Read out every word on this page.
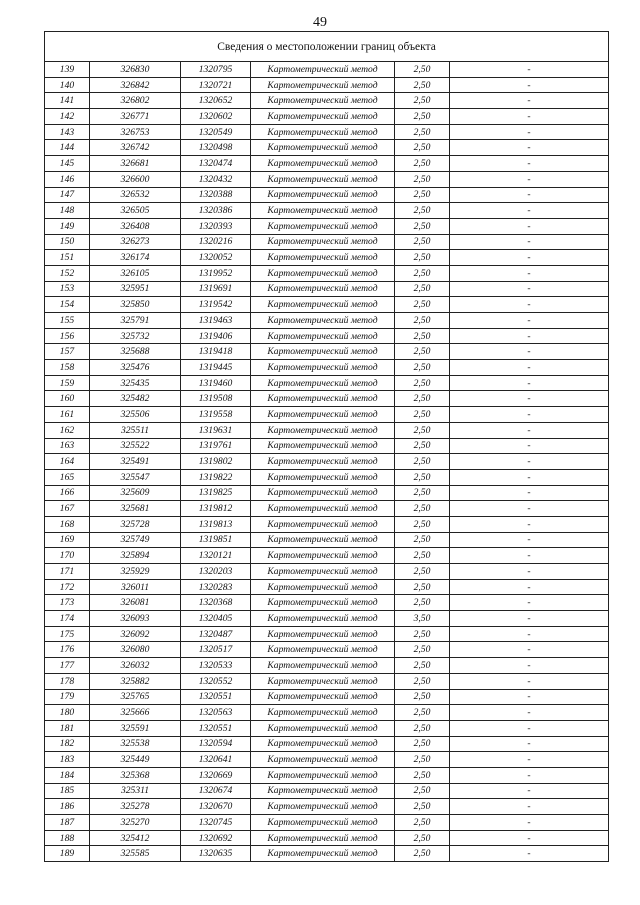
49
Сведения о местоположении границ объекта					
139	326830	1320795	Картометрический метод	2,50	-
140	326842	1320721	Картометрический метод	2,50	-
141	326802	1320652	Картометрический метод	2,50	-
142	326771	1320602	Картометрический метод	2,50	-
143	326753	1320549	Картометрический метод	2,50	-
144	326742	1320498	Картометрический метод	2,50	-
145	326681	1320474	Картометрический метод	2,50	-
146	326600	1320432	Картометрический метод	2,50	-
147	326532	1320388	Картометрический метод	2,50	-
148	326505	1320386	Картометрический метод	2,50	-
149	326408	1320393	Картометрический метод	2,50	-
150	326273	1320216	Картометрический метод	2,50	-
151	326174	1320052	Картометрический метод	2,50	-
152	326105	1319952	Картометрический метод	2,50	-
153	325951	1319691	Картометрический метод	2,50	-
154	325850	1319542	Картометрический метод	2,50	-
155	325791	1319463	Картометрический метод	2,50	-
156	325732	1319406	Картометрический метод	2,50	-
157	325688	1319418	Картометрический метод	2,50	-
158	325476	1319445	Картометрический метод	2,50	-
159	325435	1319460	Картометрический метод	2,50	-
160	325482	1319508	Картометрический метод	2,50	-
161	325506	1319558	Картометрический метод	2,50	-
162	325511	1319631	Картометрический метод	2,50	-
163	325522	1319761	Картометрический метод	2,50	-
164	325491	1319802	Картометрический метод	2,50	-
165	325547	1319822	Картометрический метод	2,50	-
166	325609	1319825	Картометрический метод	2,50	-
167	325681	1319812	Картометрический метод	2,50	-
168	325728	1319813	Картометрический метод	2,50	-
169	325749	1319851	Картометрический метод	2,50	-
170	325894	1320121	Картометрический метод	2,50	-
171	325929	1320203	Картометрический метод	2,50	-
172	326011	1320283	Картометрический метод	2,50	-
173	326081	1320368	Картометрический метод	2,50	-
174	326093	1320405	Картометрический метод	3,50	-
175	326092	1320487	Картометрический метод	2,50	-
176	326080	1320517	Картометрический метод	2,50	-
177	326032	1320533	Картометрический метод	2,50	-
178	325882	1320552	Картометрический метод	2,50	-
179	325765	1320551	Картометрический метод	2,50	-
180	325666	1320563	Картометрический метод	2,50	-
181	325591	1320551	Картометрический метод	2,50	-
182	325538	1320594	Картометрический метод	2,50	-
183	325449	1320641	Картометрический метод	2,50	-
184	325368	1320669	Картометрический метод	2,50	-
185	325311	1320674	Картометрический метод	2,50	-
186	325278	1320670	Картометрический метод	2,50	-
187	325270	1320745	Картометрический метод	2,50	-
188	325412	1320692	Картометрический метод	2,50	-
189	325585	1320635	Картометрический метод	2,50	-
